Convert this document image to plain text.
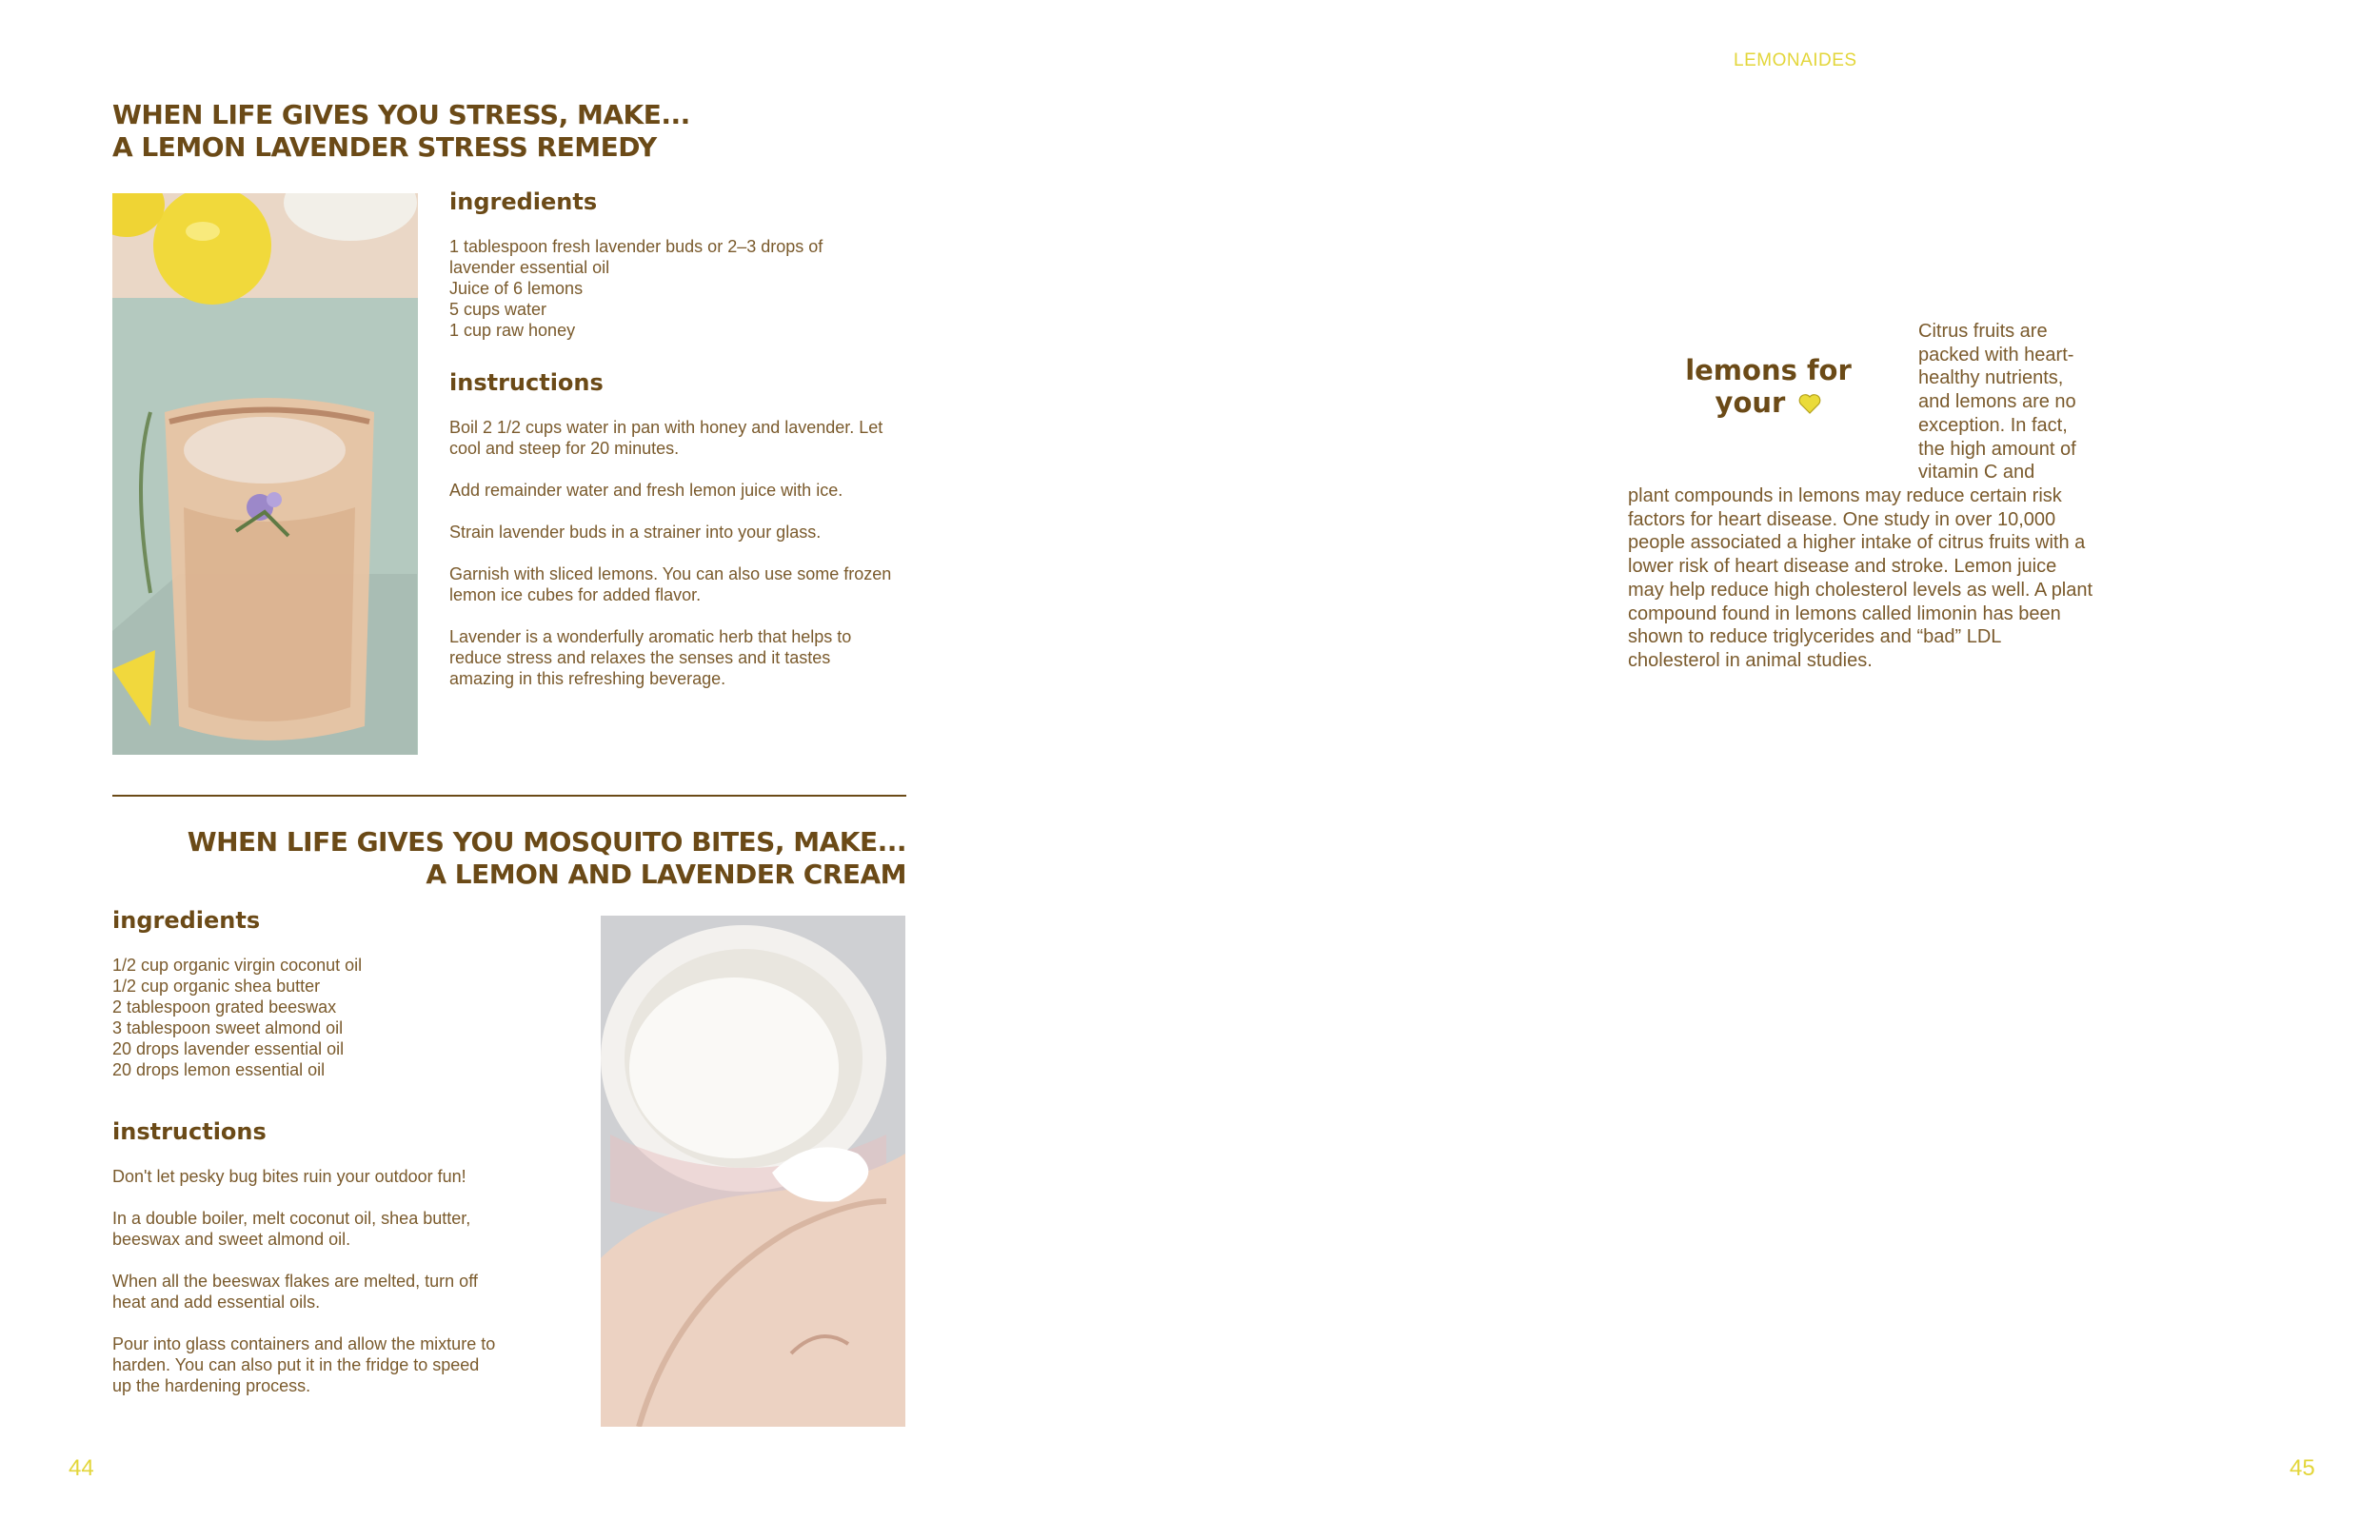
WHEN LIFE GIVES YOU STRESS, MAKE...
A LEMON LAVENDER STRESS REMEDY
ingredients
1 tablespoon fresh lavender buds or 2–3 drops of
lavender essential oil
Juice of 6 lemons
5 cups water
1 cup raw honey
instructions

Boil 2 1/2 cups water in pan with honey and lavender. Let cool and steep for 20 minutes.

Add remainder water and fresh lemon juice with ice.

Strain lavender buds in a strainer into your glass.

Garnish with sliced lemons. You can also use some frozen lemon ice cubes for added flavor.

Lavender is a wonderfully aromatic herb that helps to reduce stress and relaxes the senses and it tastes amazing in this refreshing beverage.

WHEN LIFE GIVES YOU MOSQUITO BITES, MAKE...
A LEMON AND LAVENDER CREAM
ingredients
1/2 cup organic virgin coconut oil
1/2 cup organic shea butter
2 tablespoon grated beeswax
3 tablespoon sweet almond oil
20 drops lavender essential oil
20 drops lemon essential oil
instructions

Don't let pesky bug bites ruin your outdoor fun!

In a double boiler, melt coconut oil, shea butter, beeswax and sweet almond oil.

When all the beeswax flakes are melted, turn off heat and add essential oils.

Pour into glass containers and allow the mixture to harden. You can also put it in the fridge to speed up the hardening process.

44
LEMONAIDES
lemons for
your
Citrus fruits are
packed with heart-
healthy nutrients,
and lemons are no
exception. In fact,
the high amount of
vitamin C and
plant compounds in lemons may reduce certain risk factors for heart disease. One study in over 10,000 people associated a higher intake of citrus fruits with a lower risk of heart disease and stroke. Lemon juice may help reduce high cholesterol levels as well. A plant compound found in lemons called limonin has been shown to reduce triglycerides and “bad” LDL cholesterol in animal studies.
45
